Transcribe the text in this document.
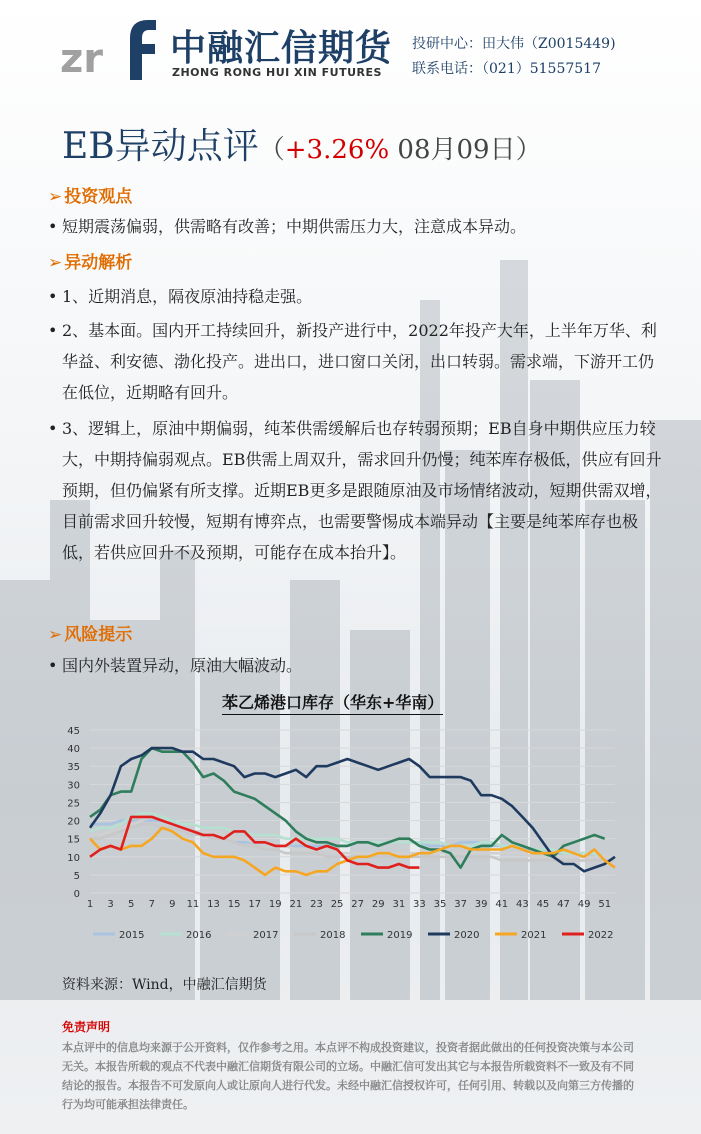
zr 中融汇信期货
ZHONG RONG HUI XIN FUTURES
投研中心：田大伟（Z0015449)
联系电话：（021）51557517
EB异动点评（+3.26% 08月09日）
➢ 投资观点
• 短期震荡偏弱，供需略有改善；中期供需压力大，注意成本异动。
➢ 异动解析
• 1、近期消息，隔夜原油持稳走强。
• 2、基本面。国内开工持续回升，新投产进行中，2022年投产大年，上半年万华、利华益、利安德、渤化投产。进出口，进口窗口关闭，出口转弱。需求端，下游开工仍在低位，近期略有回升。
• 3、逻辑上，原油中期偏弱，纯苯供需缓解后也存转弱预期；EB自身中期供应压力较大，中期持偏弱观点。EB供需上周双升，需求回升仍慢；纯苯库存极低，供应有回升预期，但仍偏紧有所支撑。近期EB更多是跟随原油及市场情绪波动，短期供需双增，目前需求回升较慢，短期有博弈点，也需要警惕成本端异动【主要是纯苯库存也极低，若供应回升不及预期，可能存在成本抬升】。
➢ 风险提示
• 国内外装置异动，原油大幅波动。
苯乙烯港口库存（华东+华南）
0
5
10
15
20
25
30
35
40
45
1 3 5 7 9 11 13 15 17 19 21 23 25 27 29 31 33 35 37 39 41 43 45 47 49 51
2015	2016	2017	2018	2019	2020	2021	2022
资料来源：Wind，中融汇信期货
免责声明
本点评中的信息均来源于公开资料，仅作参考之用。本点评不构成投资建议，投资者据此做出的任何投资决策与本公司无关。本报告所载的观点不代表中融汇信期货有限公司的立场。中融汇信可发出其它与本报告所载资料不一致及有不同结论的报告。本报告不可发原向人或让原向人进行代发。未经中融汇信授权许可，任何引用、转载以及向第三方传播的行为均可能承担法律责任。
